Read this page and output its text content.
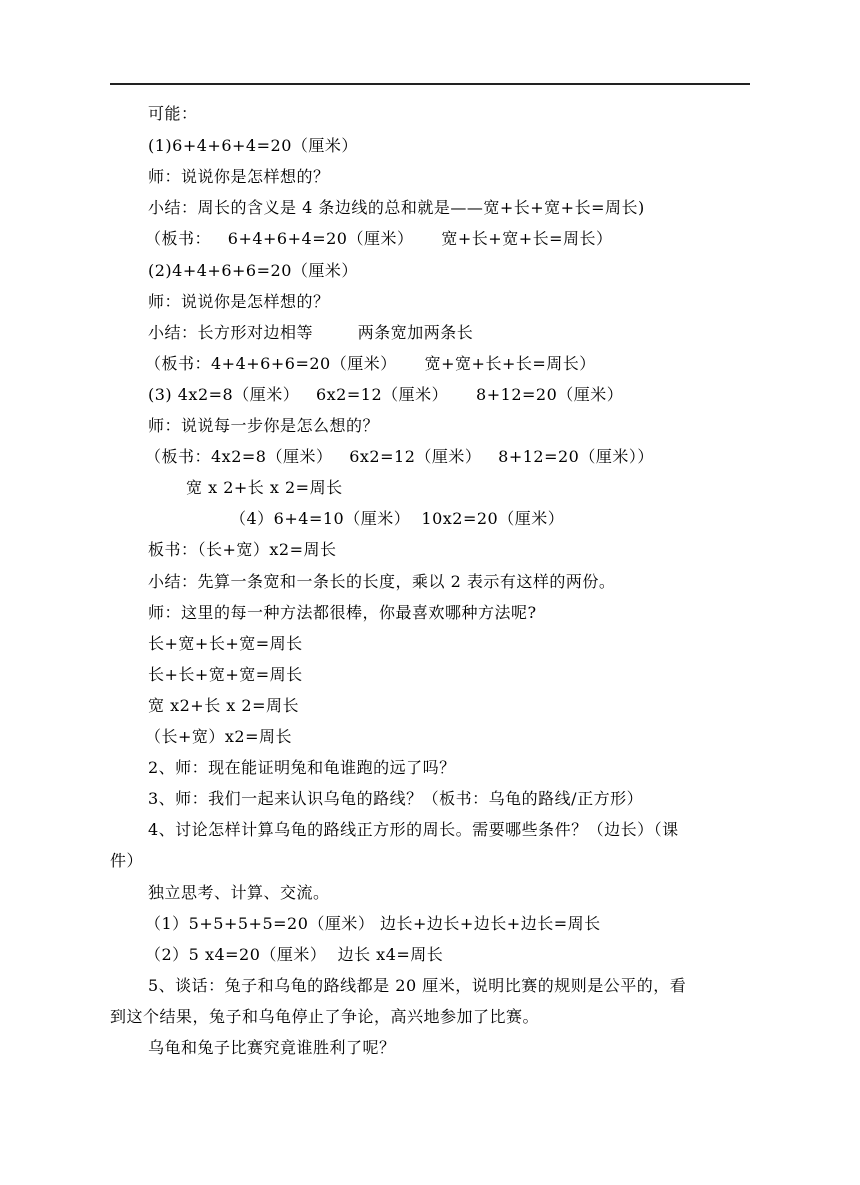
可能：
(1)6+4+6+4=20（厘米）
师：说说你是怎样想的？
小结：周长的含义是 4 条边线的总和就是——宽+长+宽+长=周长)
（板书：   6+4+6+4=20（厘米）     宽+长+宽+长=周长）
(2)4+4+6+6=20（厘米）
师：说说你是怎样想的？
小结：长方形对边相等        两条宽加两条长
（板书：4+4+6+6=20（厘米）     宽+宽+长+长=周长）
(3) 4x2=8（厘米）   6x2=12（厘米）     8+12=20（厘米）
师：说说每一步你是怎么想的？
（板书：4x2=8（厘米）   6x2=12（厘米）   8+12=20（厘米））
宽 x 2+长 x 2=周长
（4）6+4=10（厘米）  10x2=20（厘米）
板书：（长+宽）x2=周长
小结：先算一条宽和一条长的长度，乘以 2 表示有这样的两份。
师：这里的每一种方法都很棒，你最喜欢哪种方法呢?
长+宽+长+宽=周长
长+长+宽+宽=周长
宽 x2+长 x 2=周长
（长+宽）x2=周长
2、师：现在能证明兔和龟谁跑的远了吗？
3、师：我们一起来认识乌龟的路线？（板书：乌龟的路线/正方形）
4、讨论怎样计算乌龟的路线正方形的周长。需要哪些条件？（边长）（课
件）
独立思考、计算、交流。
（1）5+5+5+5=20（厘米） 边长+边长+边长+边长=周长
（2）5 x4=20（厘米）  边长 x4=周长
5、谈话：兔子和乌龟的路线都是 20 厘米，说明比赛的规则是公平的，看
到这个结果，兔子和乌龟停止了争论，高兴地参加了比赛。
乌龟和兔子比赛究竟谁胜利了呢？
